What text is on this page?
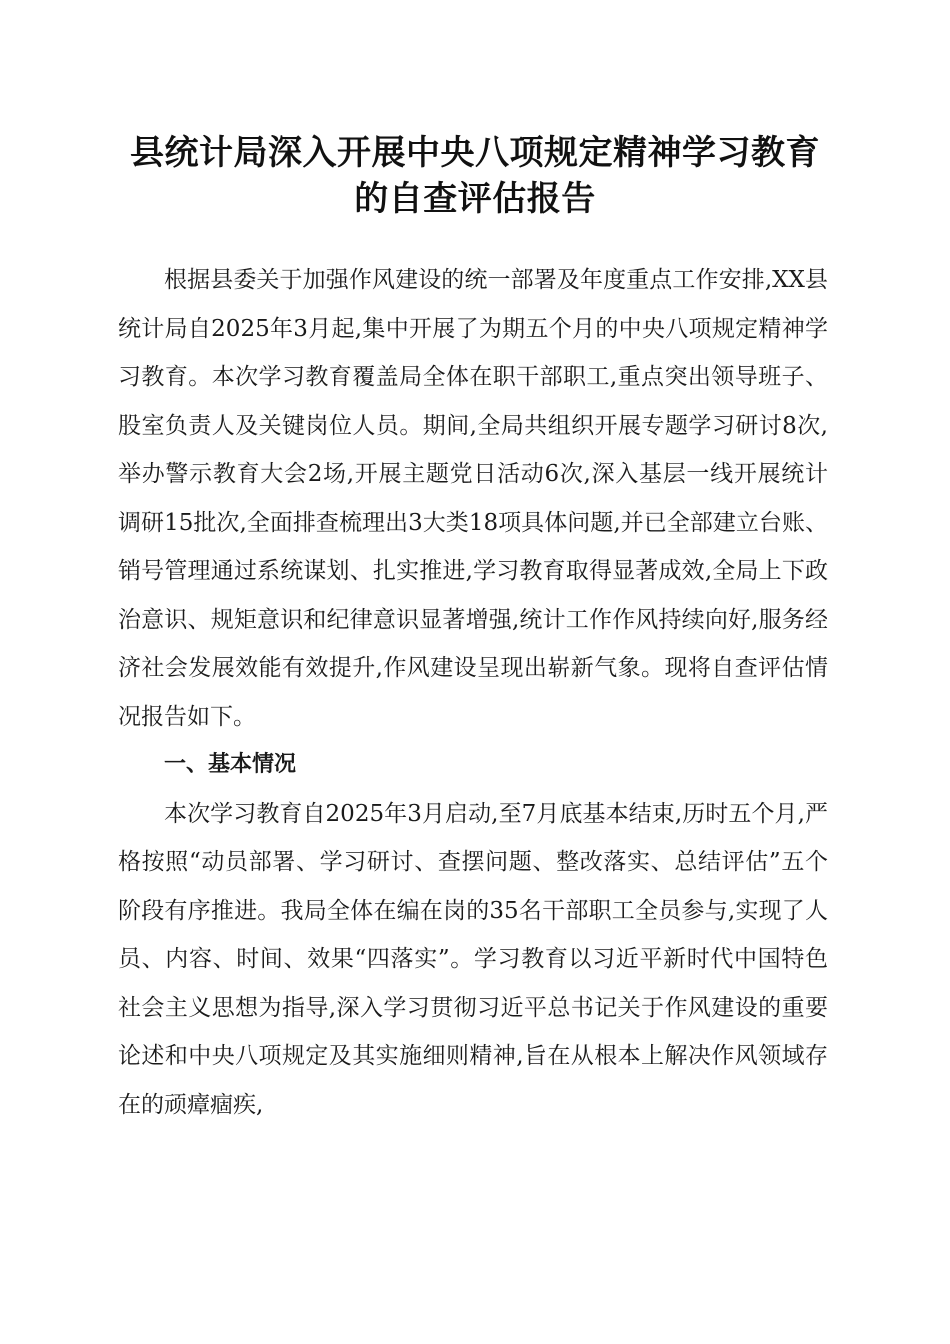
县统计局深入开展中央八项规定精神学习教育
的自查评估报告

根据县委关于加强作风建设的统一部署及年度重点工作安排,XX县统计局自2025年3月起,集中开展了为期五个月的中央八项规定精神学习教育。本次学习教育覆盖局全体在职干部职工,重点突出领导班子、股室负责人及关键岗位人员。期间,全局共组织开展专题学习研讨8次,举办警示教育大会2场,开展主题党日活动6次,深入基层一线开展统计调研15批次,全面排查梳理出3大类18项具体问题,并已全部建立台账、销号管理通过系统谋划、扎实推进,学习教育取得显著成效,全局上下政治意识、规矩意识和纪律意识显著增强,统计工作作风持续向好,服务经济社会发展效能有效提升,作风建设呈现出崭新气象。现将自查评估情况报告如下。

一、基本情况

本次学习教育自2025年3月启动,至7月底基本结束,历时五个月,严格按照“动员部署、学习研讨、查摆问题、整改落实、总结评估”五个阶段有序推进。我局全体在编在岗的35名干部职工全员参与,实现了人员、内容、时间、效果“四落实”。学习教育以习近平新时代中国特色社会主义思想为指导,深入学习贯彻习近平总书记关于作风建设的重要论述和中央八项规定及其实施细则精神,旨在从根本上解决作风领域存在的顽瘴痼疾,
